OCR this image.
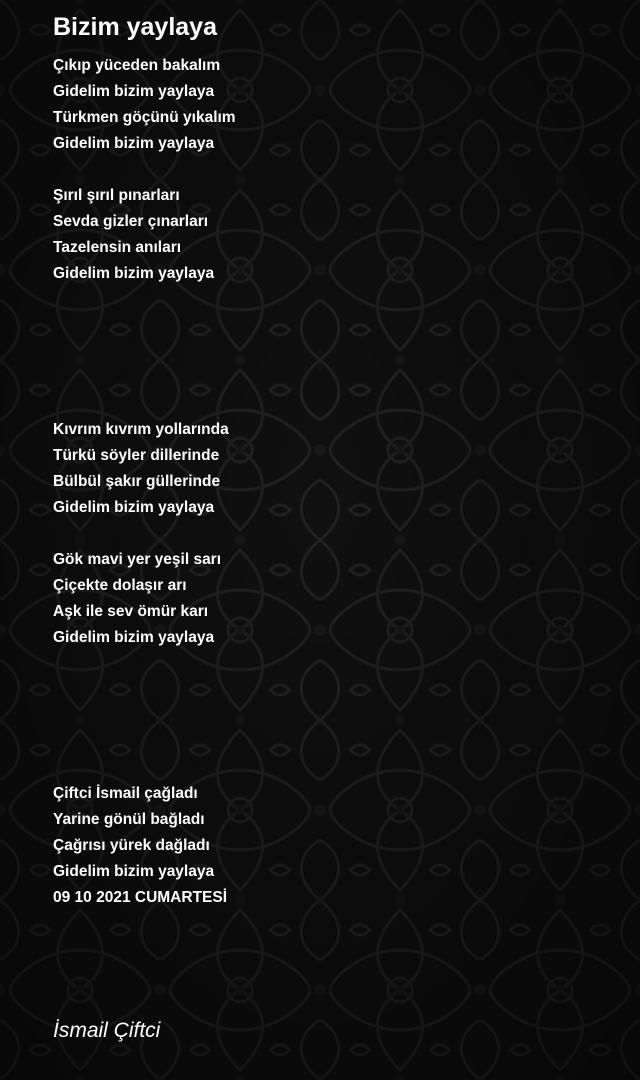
Bizim yaylaya
Çıkıp yüceden bakalım
Gidelim bizim yaylaya
Türkmen göçünü yıkalım
Gidelim bizim yaylaya
Şırıl şırıl pınarları
Sevda gizler çınarları
Tazelensin anıları
Gidelim bizim yaylaya
Kıvrım kıvrım yollarında
Türkü söyler dillerinde
Bülbül şakır güllerinde
Gidelim bizim yaylaya
Gök mavi yer yeşil sarı
Çiçekte dolaşır arı
Aşk ile sev ömür karı
Gidelim bizim yaylaya
Çiftci İsmail çağladı
Yarine gönül bağladı
Çağrısı yürek dağladı
Gidelim bizim yaylaya
09 10 2021 CUMARTESİ
İsmail Çiftci
